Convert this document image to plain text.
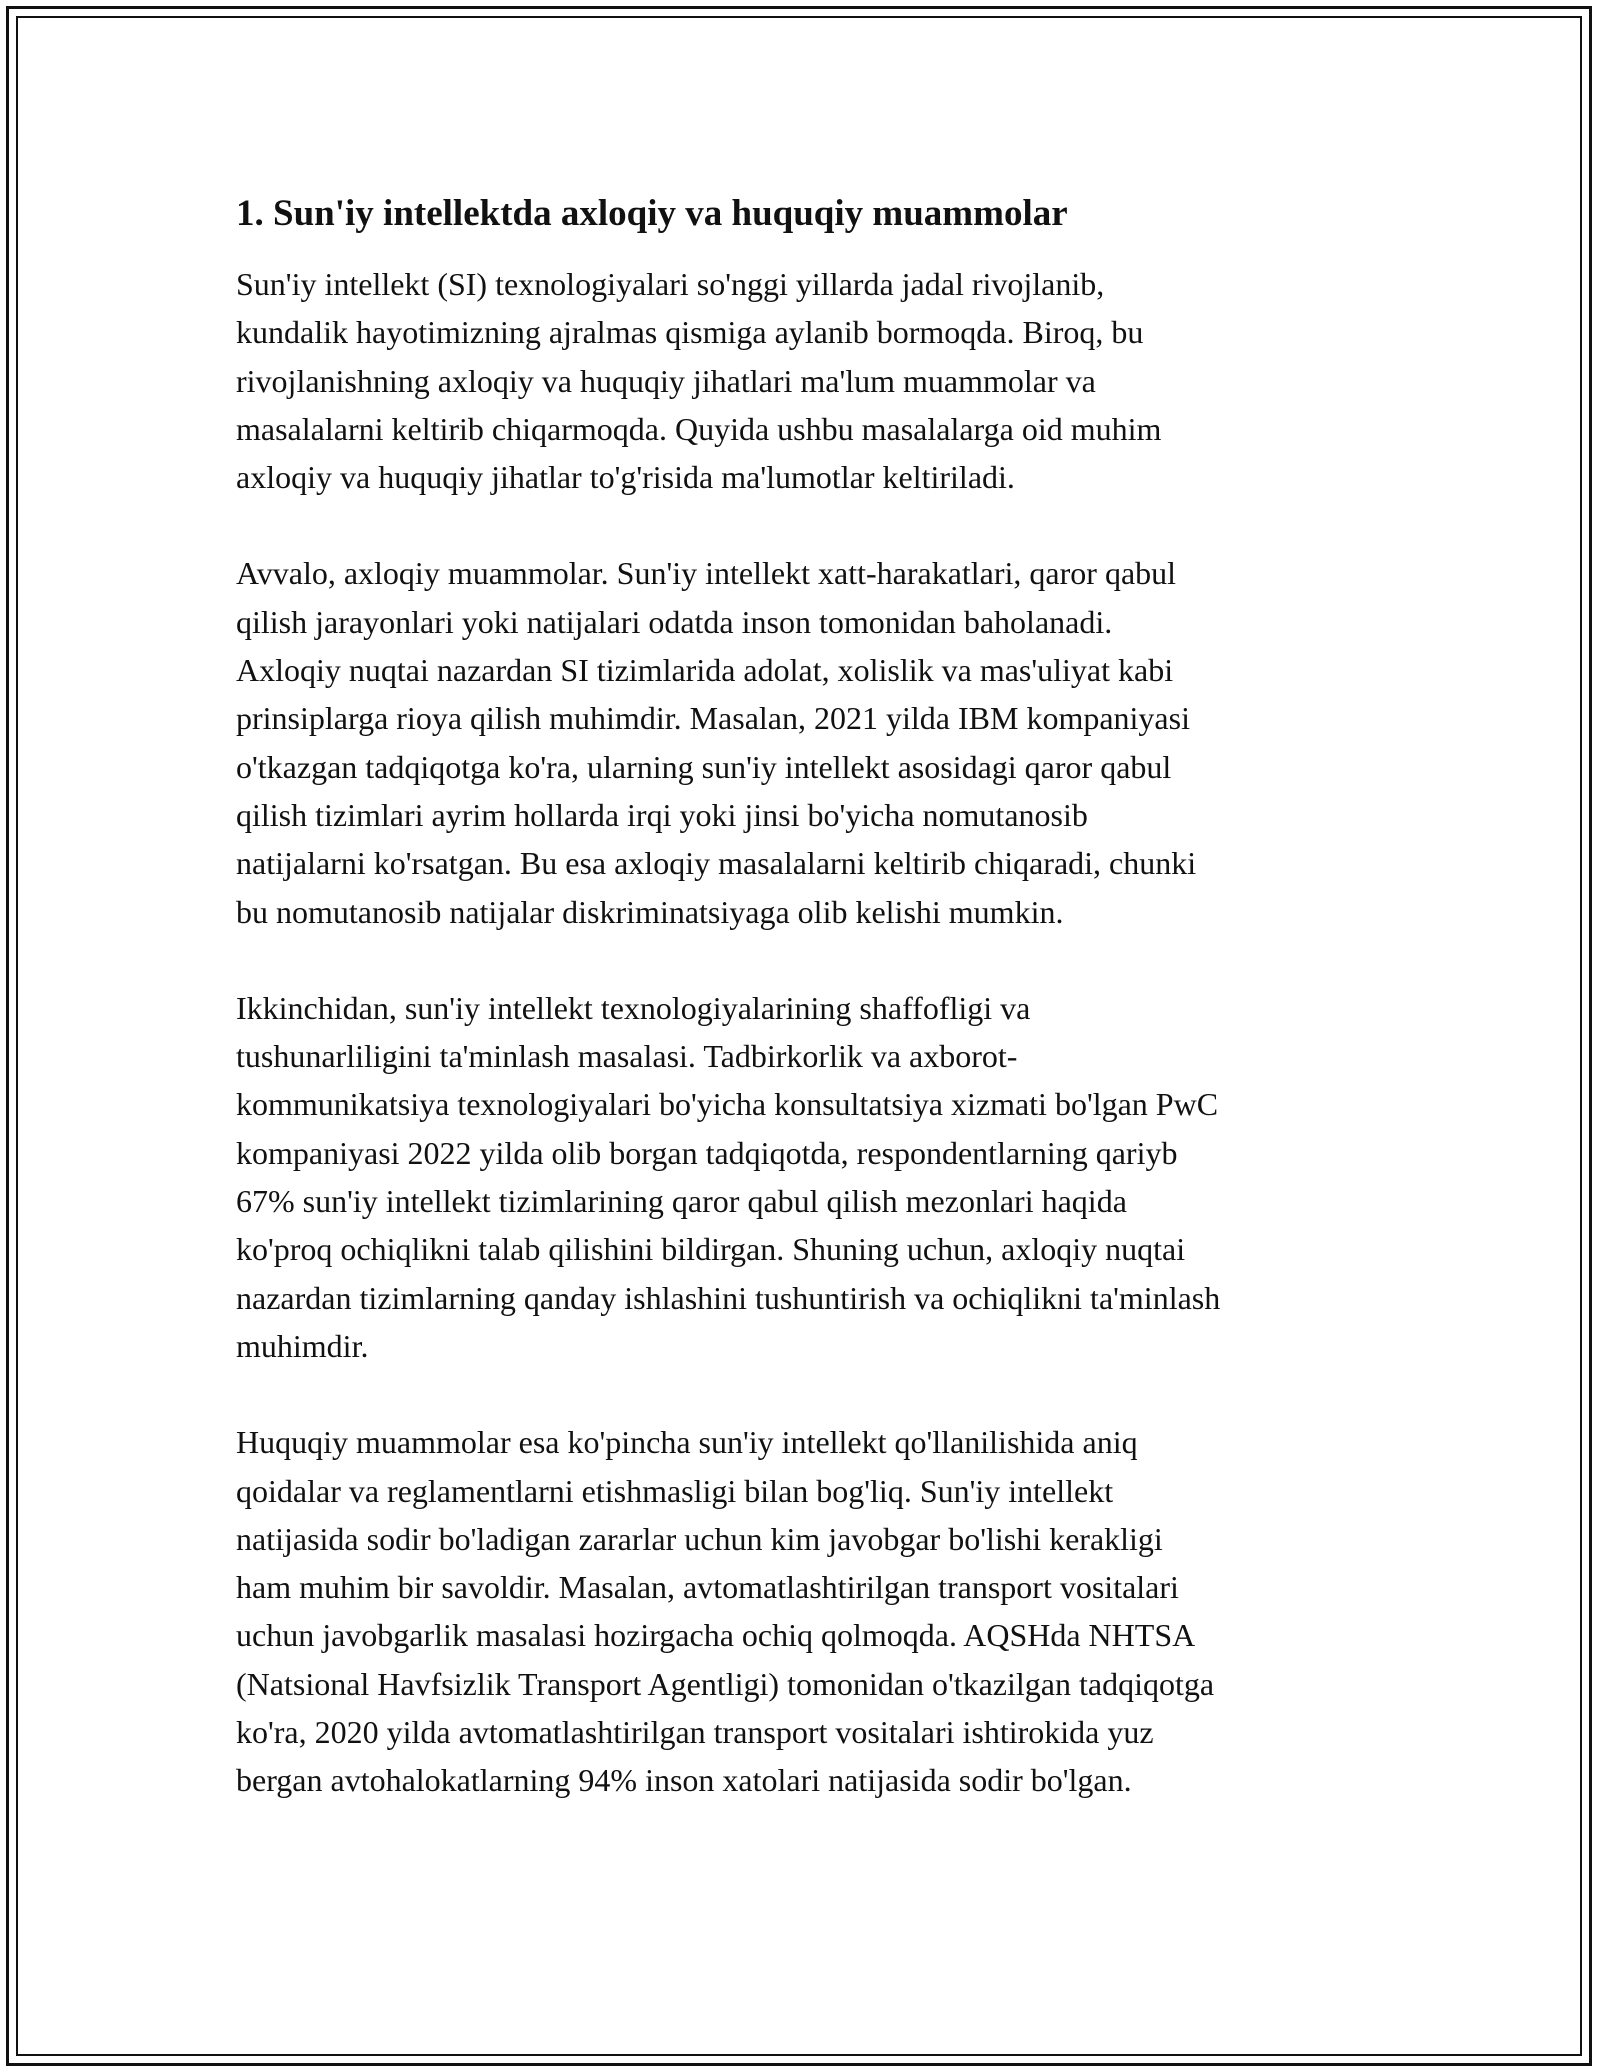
1. Sun'iy intellektda axloqiy va huquqiy muammolar

Sun'iy intellekt (SI) texnologiyalari so'nggi yillarda jadal rivojlanib,
kundalik hayotimizning ajralmas qismiga aylanib bormoqda. Biroq, bu
rivojlanishning axloqiy va huquqiy jihatlari ma'lum muammolar va
masalalarni keltirib chiqarmoqda. Quyida ushbu masalalarga oid muhim
axloqiy va huquqiy jihatlar to'g'risida ma'lumotlar keltiriladi.

Avvalo, axloqiy muammolar. Sun'iy intellekt xatt-harakatlari, qaror qabul
qilish jarayonlari yoki natijalari odatda inson tomonidan baholanadi.
Axloqiy nuqtai nazardan SI tizimlarida adolat, xolislik va mas'uliyat kabi
prinsiplarga rioya qilish muhimdir. Masalan, 2021 yilda IBM kompaniyasi
o'tkazgan tadqiqotga ko'ra, ularning sun'iy intellekt asosidagi qaror qabul
qilish tizimlari ayrim hollarda irqi yoki jinsi bo'yicha nomutanosib
natijalarni ko'rsatgan. Bu esa axloqiy masalalarni keltirib chiqaradi, chunki
bu nomutanosib natijalar diskriminatsiyaga olib kelishi mumkin.

Ikkinchidan, sun'iy intellekt texnologiyalarining shaffofligi va
tushunarliligini ta'minlash masalasi. Tadbirkorlik va axborot-
kommunikatsiya texnologiyalari bo'yicha konsultatsiya xizmati bo'lgan PwC
kompaniyasi 2022 yilda olib borgan tadqiqotda, respondentlarning qariyb
67% sun'iy intellekt tizimlarining qaror qabul qilish mezonlari haqida
ko'proq ochiqlikni talab qilishini bildirgan. Shuning uchun, axloqiy nuqtai
nazardan tizimlarning qanday ishlashini tushuntirish va ochiqlikni ta'minlash
muhimdir.

Huquqiy muammolar esa ko'pincha sun'iy intellekt qo'llanilishida aniq
qoidalar va reglamentlarni etishmasligi bilan bog'liq. Sun'iy intellekt
natijasida sodir bo'ladigan zararlar uchun kim javobgar bo'lishi kerakligi
ham muhim bir savoldir. Masalan, avtomatlashtirilgan transport vositalari
uchun javobgarlik masalasi hozirgacha ochiq qolmoqda. AQSHda NHTSA
(Natsional Havfsizlik Transport Agentligi) tomonidan o'tkazilgan tadqiqotga
ko'ra, 2020 yilda avtomatlashtirilgan transport vositalari ishtirokida yuz
bergan avtohalokatlarning 94% inson xatolari natijasida sodir bo'lgan.
